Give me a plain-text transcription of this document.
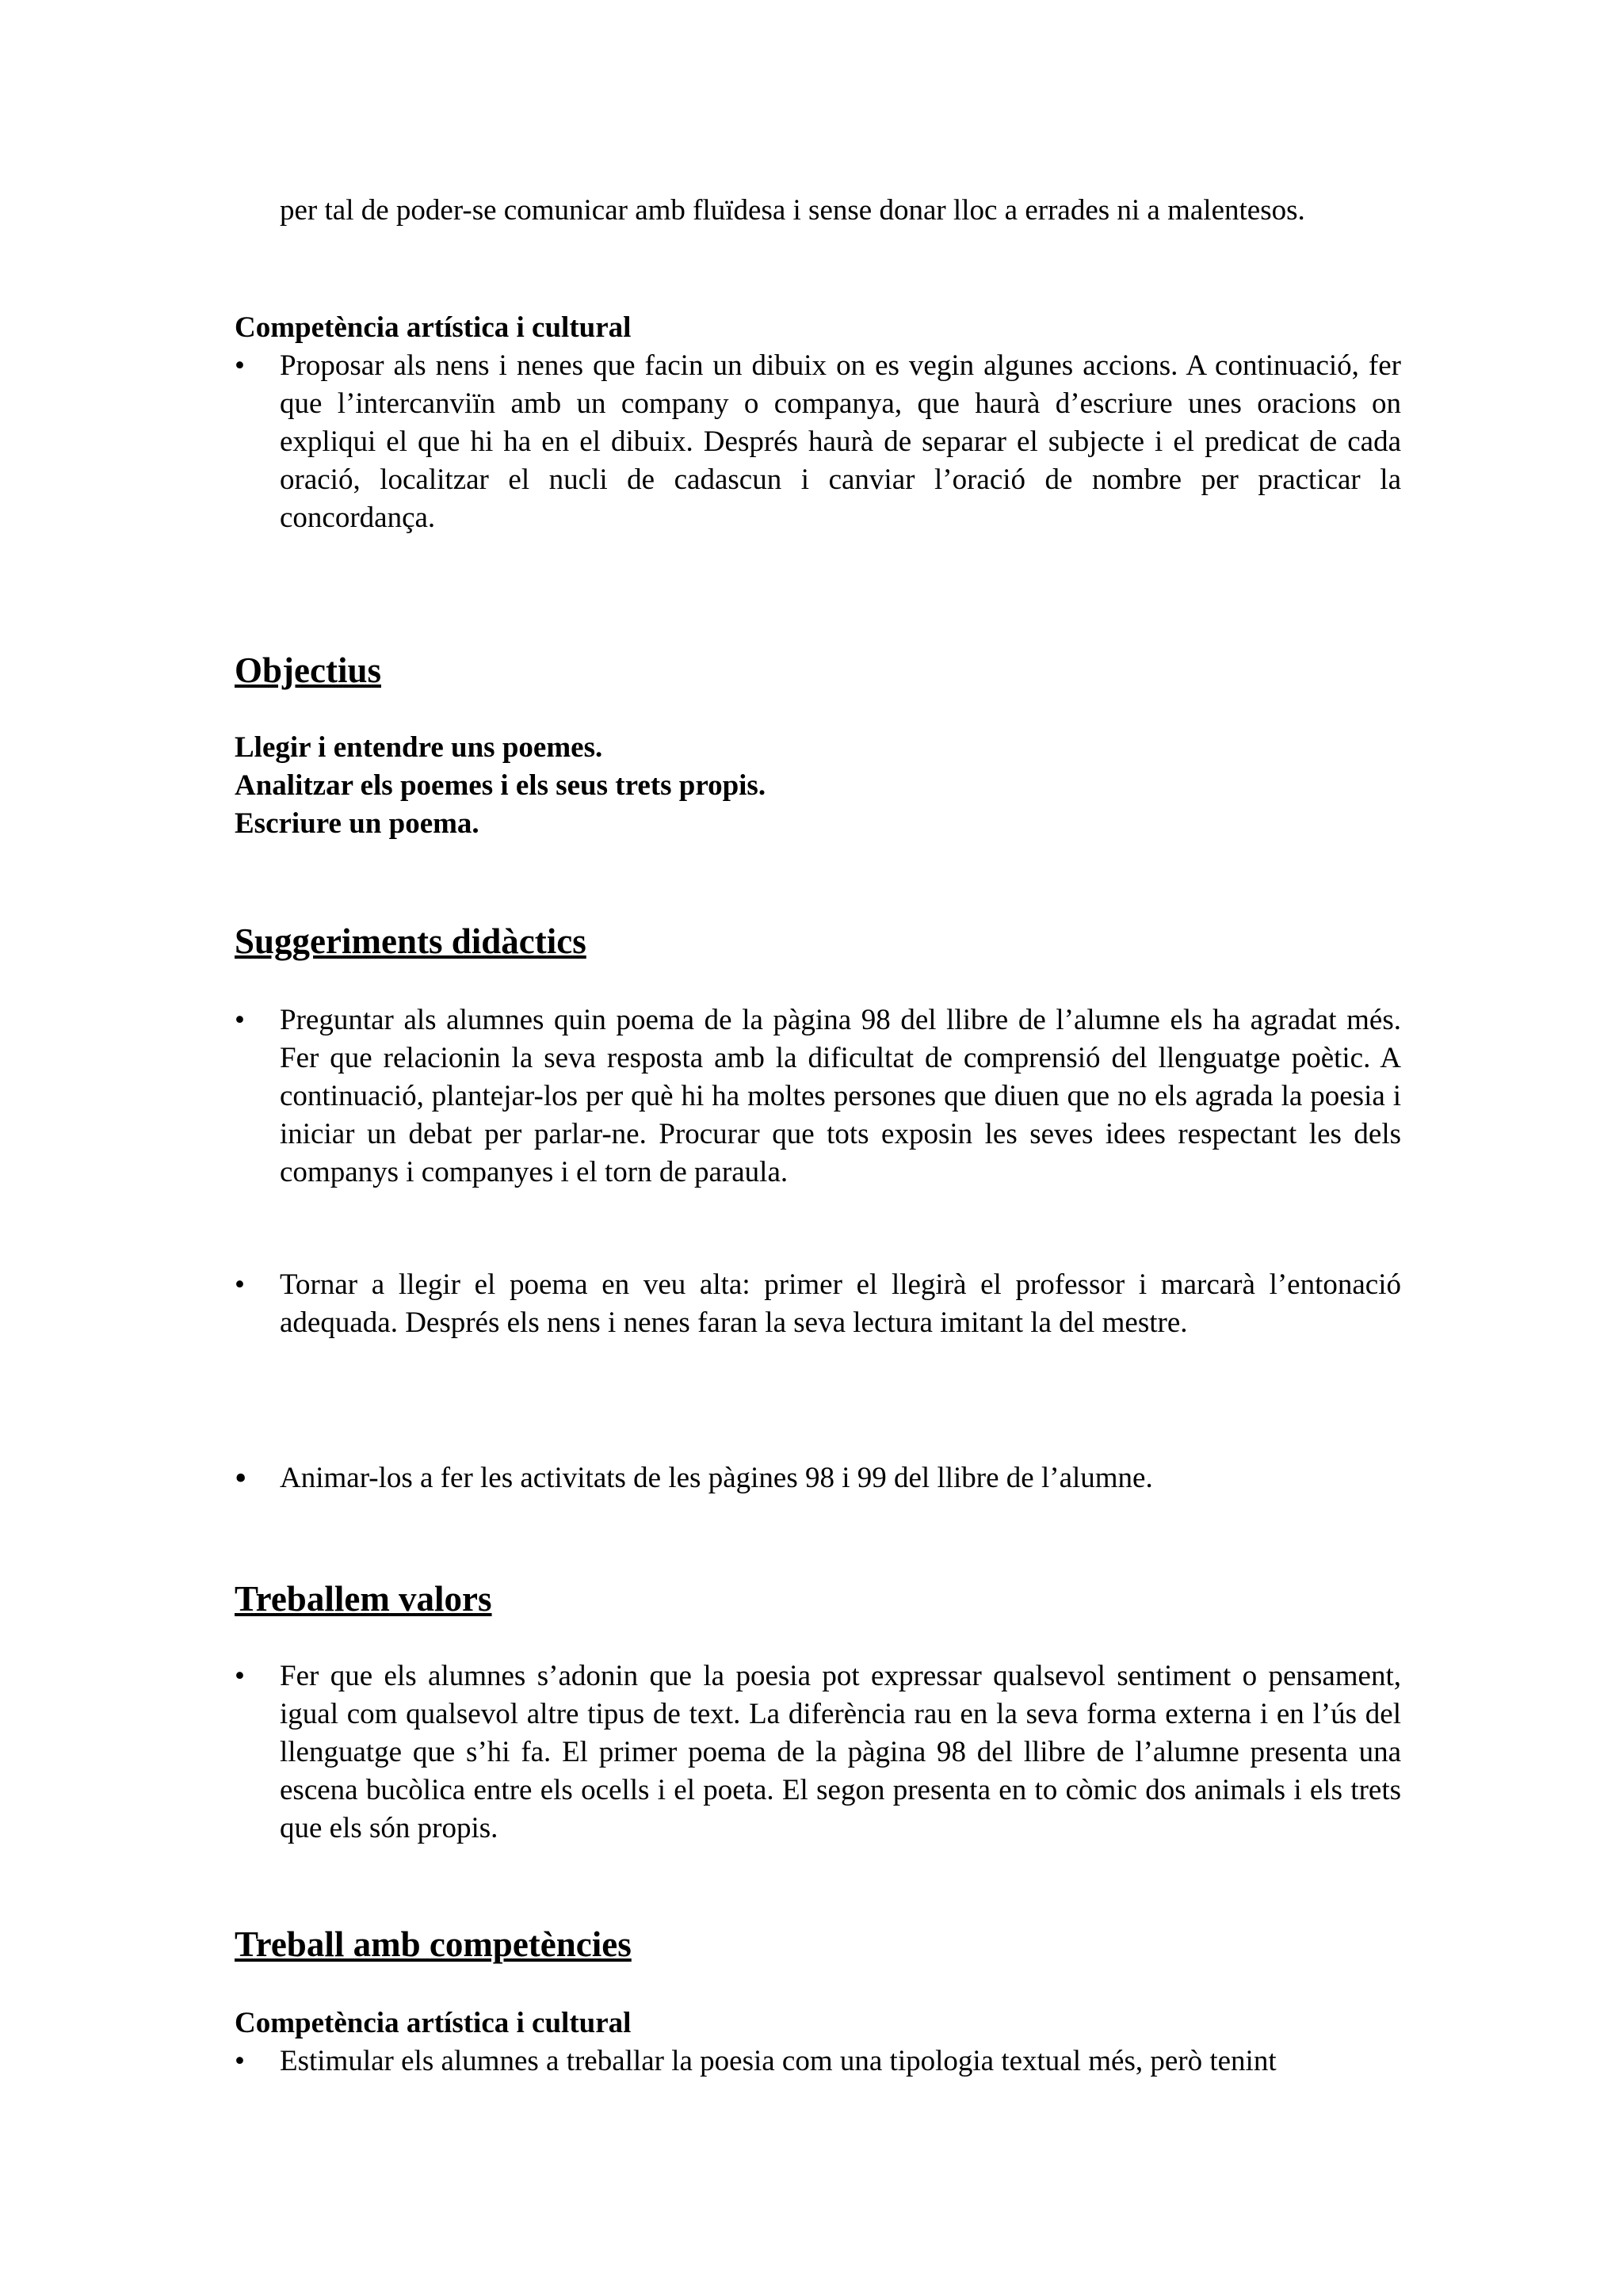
per tal de poder-se comunicar amb fluïdesa i sense donar lloc a errades ni a malentesos.

Competència artística i cultural

• Proposar als nens i nenes que facin un dibuix on es vegin algunes accions. A continuació, fer que l’intercanviïn amb un company o companya, que haurà d’escriure unes oracions on expliqui el que hi ha en el dibuix. Després haurà de separar el subjecte i el predicat de cada oració, localitzar el nucli de cadascun i canviar l’oració de nombre per practicar la concordança.
Objectius

Llegir i entendre uns poemes.

Analitzar els poemes i els seus trets propis.

Escriure un poema.

Suggeriments didàctics
• Preguntar als alumnes quin poema de la pàgina 98 del llibre de l’alumne els ha agradat més. Fer que relacionin la seva resposta amb la dificultat de comprensió del llenguatge poètic. A continuació, plantejar-los per què hi ha moltes persones que diuen que no els agrada la poesia i iniciar un debat per parlar-ne. Procurar que tots exposin les seves idees respectant les dels companys i companyes i el torn de paraula.
• Tornar a llegir el poema en veu alta: primer el llegirà el professor i marcarà l’entonació adequada. Després els nens i nenes faran la seva lectura imitant la del mestre.
• Animar-los a fer les activitats de les pàgines 98 i 99 del llibre de l’alumne.
Treballem valors
• Fer que els alumnes s’adonin que la poesia pot expressar qualsevol sentiment o pensament, igual com qualsevol altre tipus de text. La diferència rau en la seva forma externa i en l’ús del llenguatge que s’hi fa. El primer poema de la pàgina 98 del llibre de l’alumne presenta una escena bucòlica entre els ocells i el poeta. El segon presenta en to còmic dos animals i els trets que els són propis.
Treball amb competències

Competència artística i cultural

• Estimular els alumnes a treballar la poesia com una tipologia textual més, però tenint
